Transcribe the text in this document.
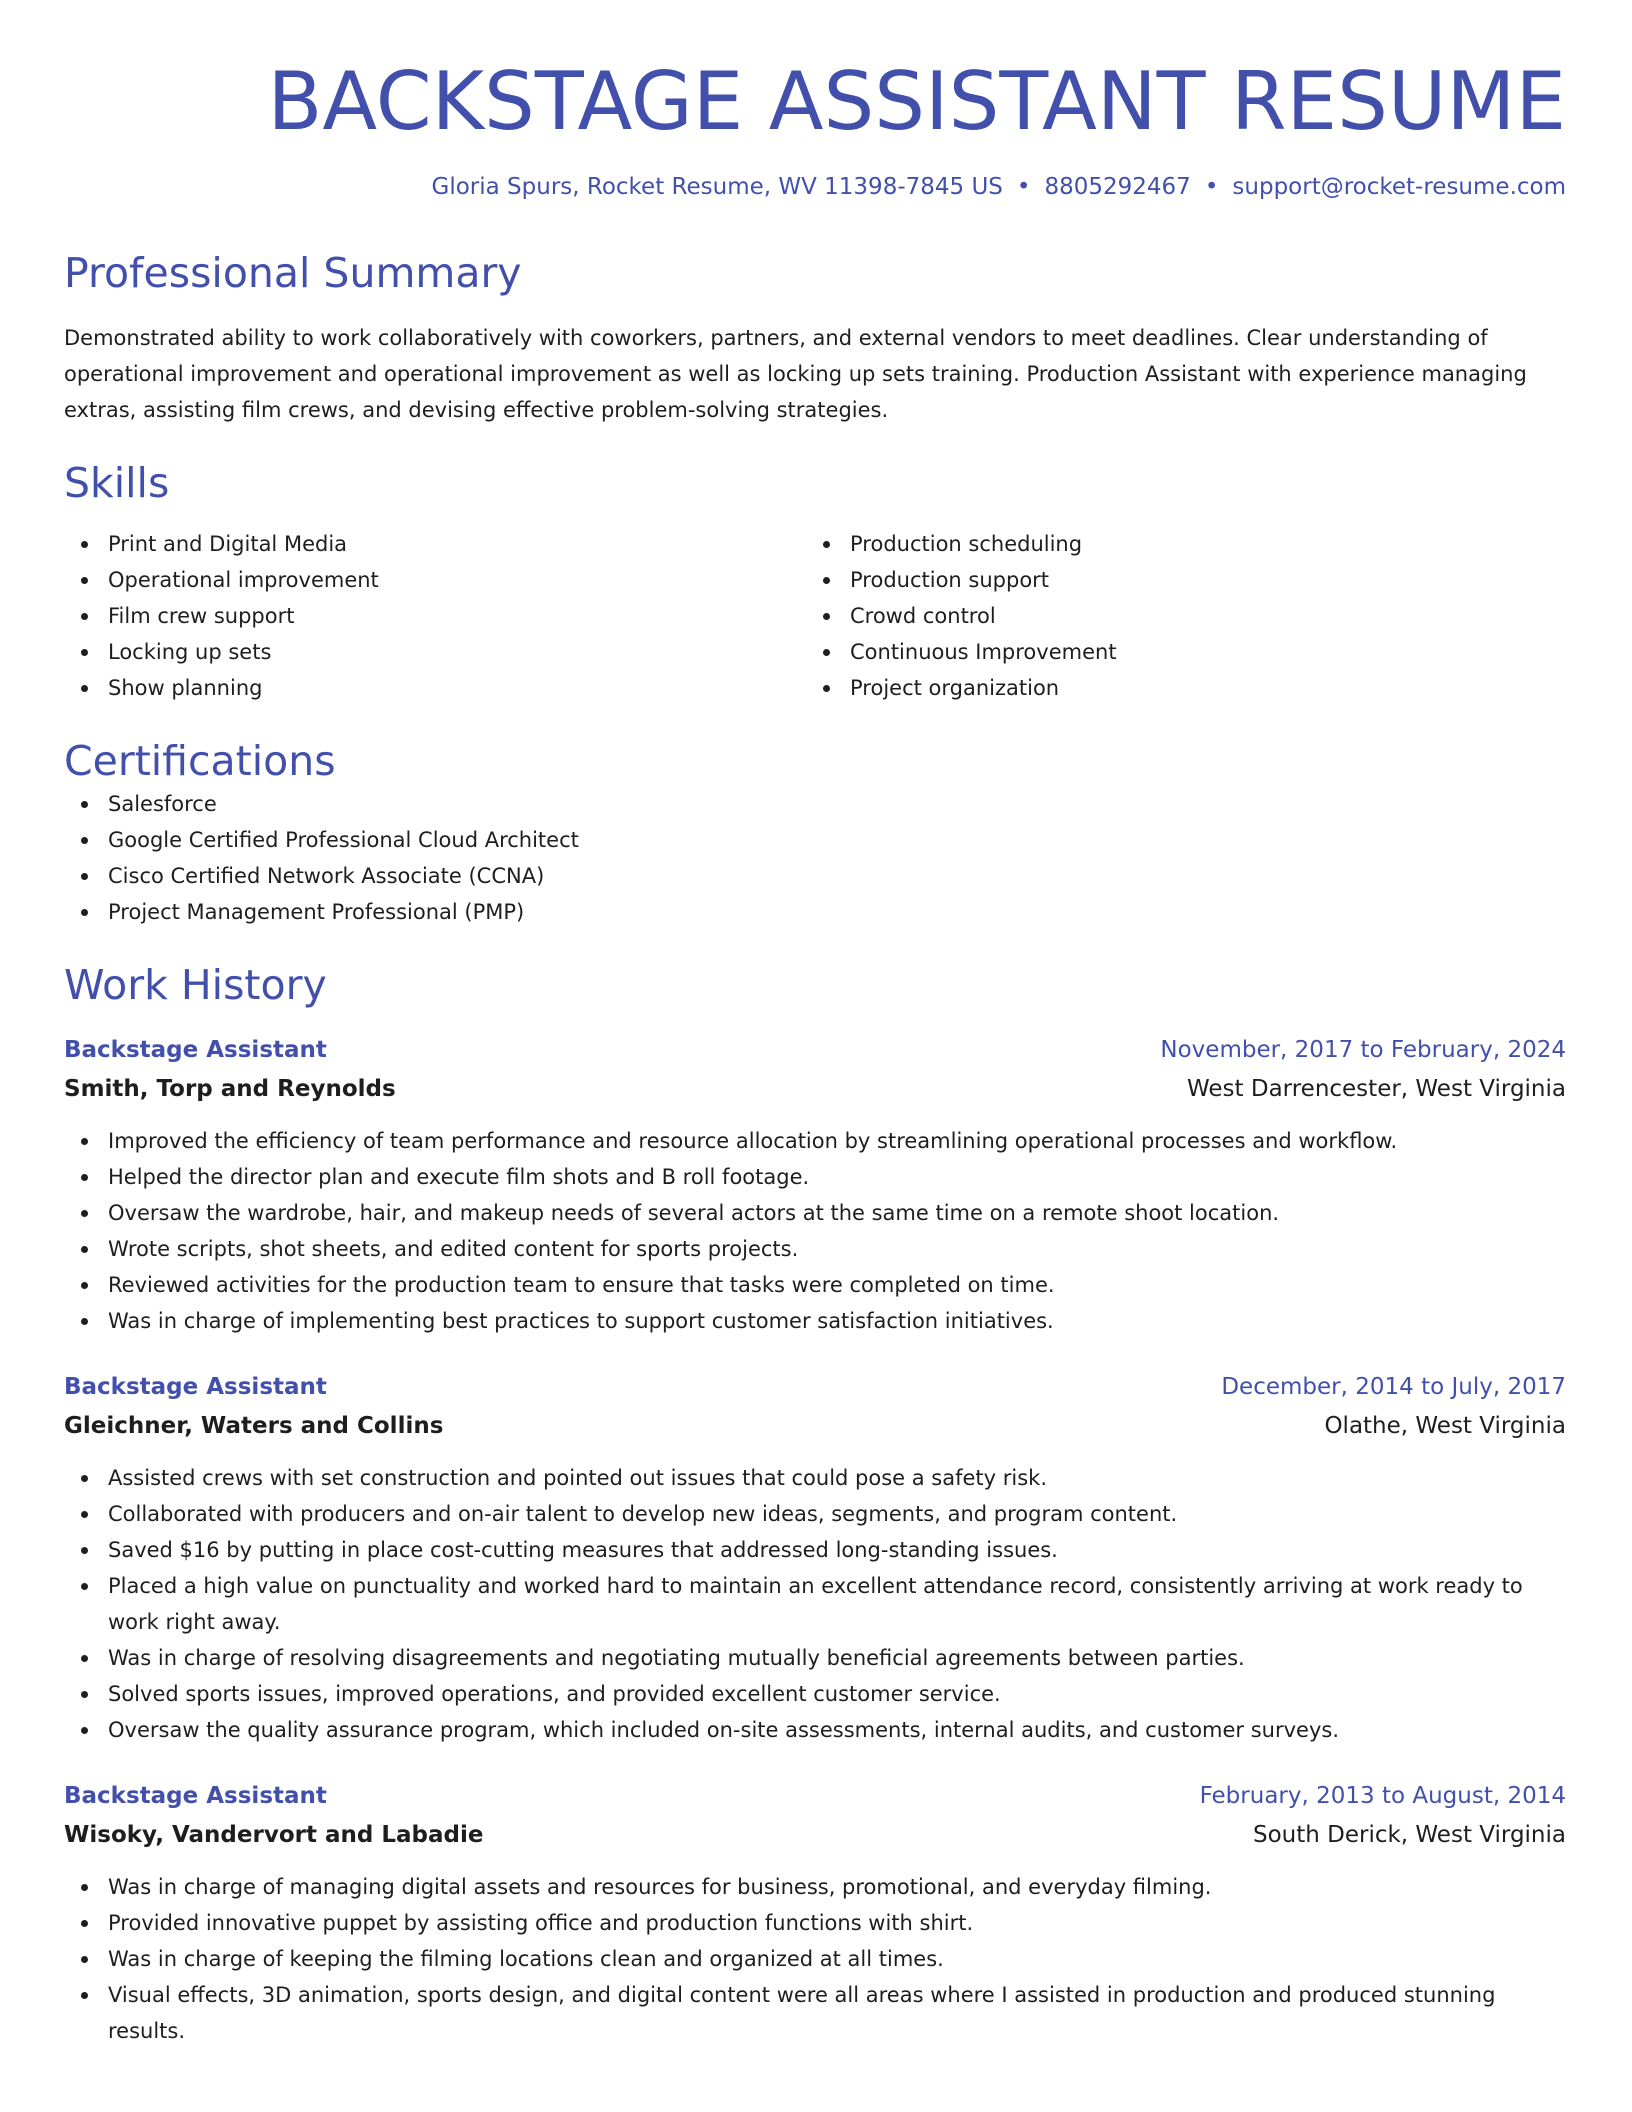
BACKSTAGE ASSISTANT RESUME
Gloria Spurs, Rocket Resume, WV 11398-7845 US • 8805292467 • support@rocket-resume.com
Professional Summary
Demonstrated ability to work collaboratively with coworkers, partners, and external vendors to meet deadlines. Clear understanding of operational improvement and operational improvement as well as locking up sets training. Production Assistant with experience managing extras, assisting film crews, and devising effective problem-solving strategies.
Skills
Print and Digital Media
Operational improvement
Film crew support
Locking up sets
Show planning
Production scheduling
Production support
Crowd control
Continuous Improvement
Project organization
Certifications
Salesforce
Google Certified Professional Cloud Architect
Cisco Certified Network Associate (CCNA)
Project Management Professional (PMP)
Work History
Backstage Assistant	November, 2017 to February, 2024
Smith, Torp and Reynolds	West Darrencester, West Virginia
Improved the efficiency of team performance and resource allocation by streamlining operational processes and workflow.
Helped the director plan and execute film shots and B roll footage.
Oversaw the wardrobe, hair, and makeup needs of several actors at the same time on a remote shoot location.
Wrote scripts, shot sheets, and edited content for sports projects.
Reviewed activities for the production team to ensure that tasks were completed on time.
Was in charge of implementing best practices to support customer satisfaction initiatives.
Backstage Assistant	December, 2014 to July, 2017
Gleichner, Waters and Collins	Olathe, West Virginia
Assisted crews with set construction and pointed out issues that could pose a safety risk.
Collaborated with producers and on-air talent to develop new ideas, segments, and program content.
Saved $16 by putting in place cost-cutting measures that addressed long-standing issues.
Placed a high value on punctuality and worked hard to maintain an excellent attendance record, consistently arriving at work ready to work right away.
Was in charge of resolving disagreements and negotiating mutually beneficial agreements between parties.
Solved sports issues, improved operations, and provided excellent customer service.
Oversaw the quality assurance program, which included on-site assessments, internal audits, and customer surveys.
Backstage Assistant	February, 2013 to August, 2014
Wisoky, Vandervort and Labadie	South Derick, West Virginia
Was in charge of managing digital assets and resources for business, promotional, and everyday filming.
Provided innovative puppet by assisting office and production functions with shirt.
Was in charge of keeping the filming locations clean and organized at all times.
Visual effects, 3D animation, sports design, and digital content were all areas where I assisted in production and produced stunning results.
